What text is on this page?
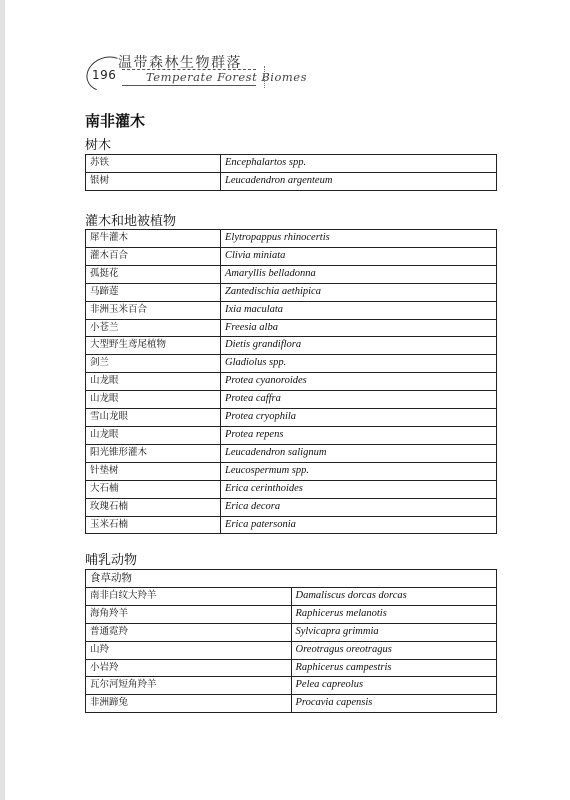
196
温带森林生物群落
Temperate Forest Biomes
南非灌木
树木
苏铁	Encephalartos spp.
银树	Leucadendron argenteum
灌木和地被植物
犀牛灌木	Elytropappus rhinocertis
灌木百合	Clivia miniata
孤挺花	Amaryllis belladonna
马蹄莲	Zantedischia aethipica
非洲玉米百合	Ixia maculata
小苍兰	Freesia alba
大型野生鸢尾植物	Dietis grandiflora
剑兰	Gladiolus spp.
山龙眼	Protea cyanoroides
山龙眼	Protea caffra
雪山龙眼	Protea cryophila
山龙眼	Protea repens
阳光锥形灌木	Leucadendron salignum
针垫树	Leucospermum spp.
大石楠	Erica cerinthoides
玫瑰石楠	Erica decora
玉米石楠	Erica patersonia
哺乳动物
食草动物	
南非白纹大羚羊	Damaliscus dorcas dorcas
海角羚羊	Raphicerus melanotis
普通霓羚	Sylvicapra grimmia
山羚	Oreotragus oreotragus
小岩羚	Raphicerus campestris
瓦尔河短角羚羊	Pelea capreolus
非洲蹄兔	Procavia capensis
